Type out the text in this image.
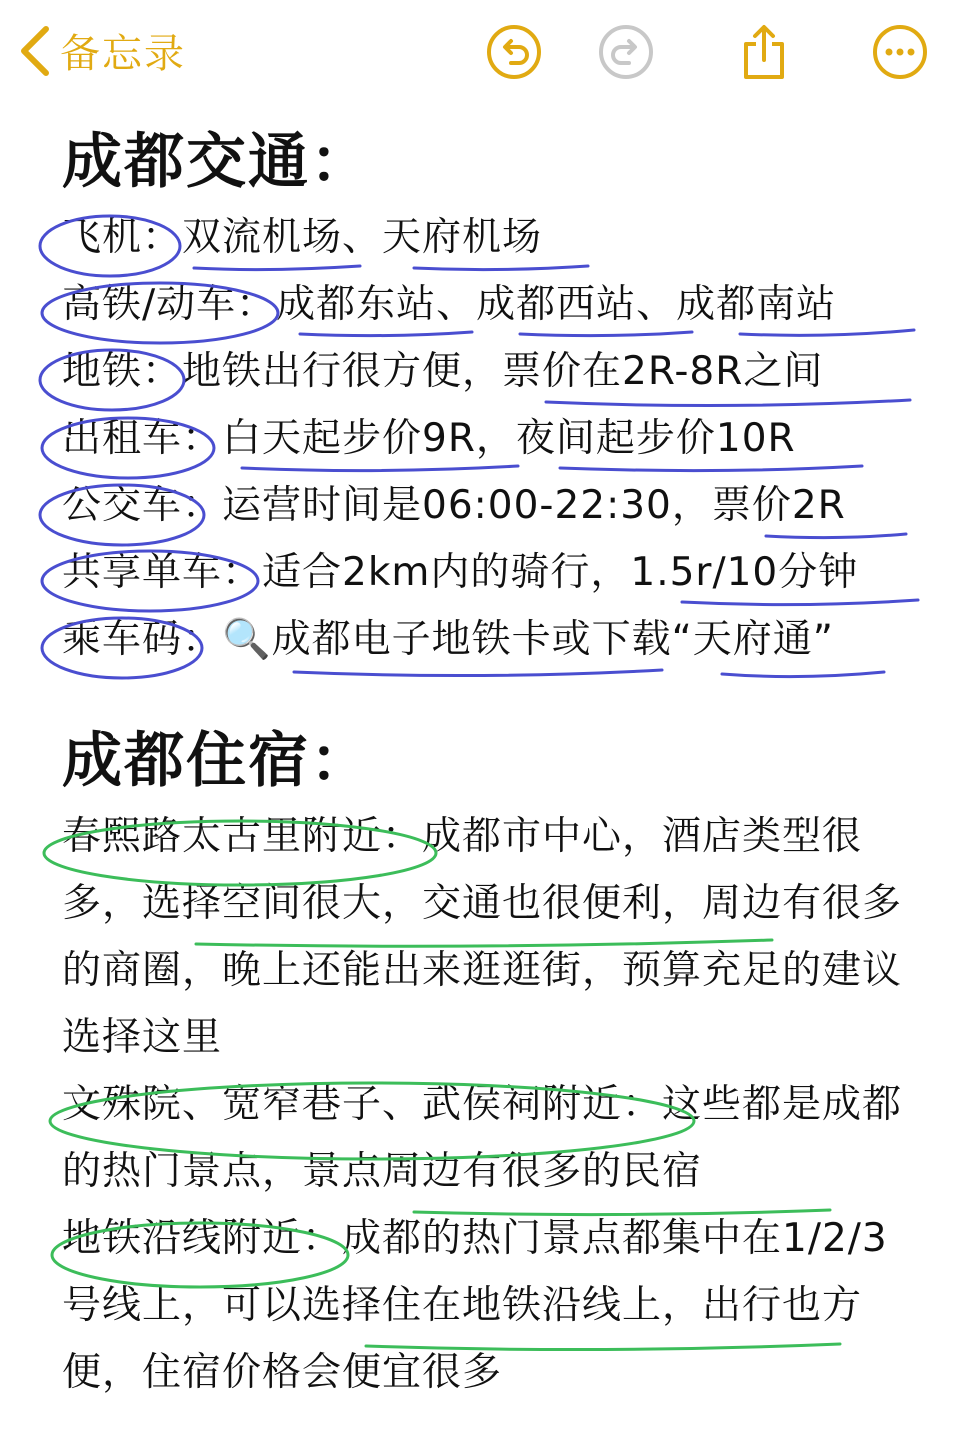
备忘录
成都交通：
飞机：双流机场、天府机场
高铁/动车：成都东站、成都西站、成都南站
地铁：地铁出行很方便，票价在2R-8R之间
出租车：白天起步价9R，夜间起步价10R
公交车：运营时间是06:00-22:30，票价2R
共享单车：适合2km内的骑行，1.5r/10分钟
乘车码：🔍成都电子地铁卡或下载“天府通”
成都住宿：
春熙路太古里附近：成都市中心，酒店类型很多，选择空间很大，交通也很便利，周边有很多的商圈，晚上还能出来逛逛街，预算充足的建议选择这里
文殊院、宽窄巷子、武侯祠附近：这些都是成都的热门景点，景点周边有很多的民宿
地铁沿线附近：成都的热门景点都集中在1/2/3号线上，可以选择住在地铁沿线上，出行也方便，住宿价格会便宜很多
